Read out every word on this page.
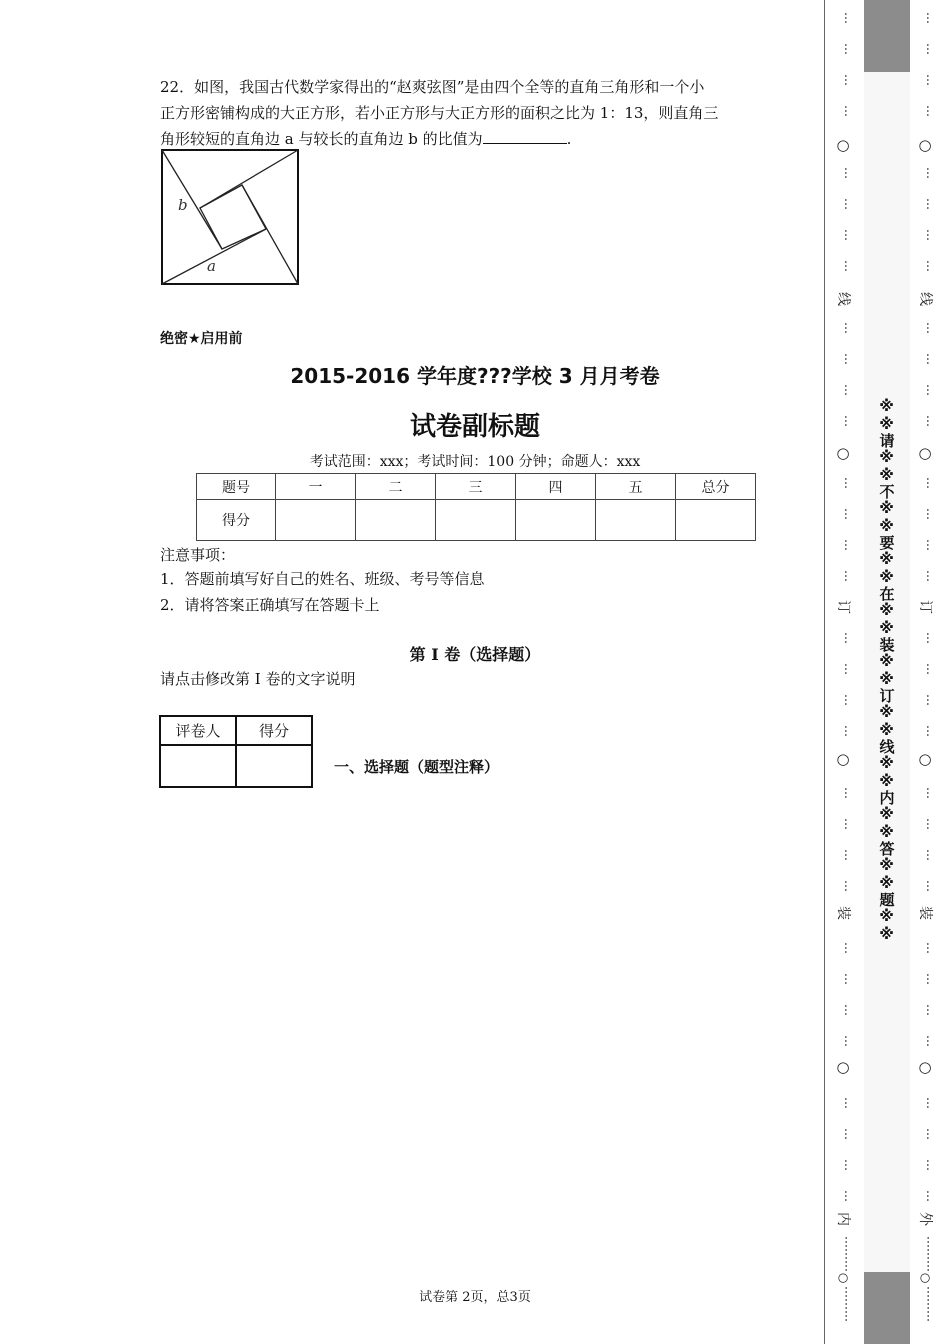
22．如图，我国古代数学家得出的“赵爽弦图”是由四个全等的直角三角形和一个小
正方形密铺构成的大正方形，若小正方形与大正方形的面积之比为 1：13，则直角三
角形较短的直角边 a 与较长的直角边 b 的比值为	.
b
a
绝密★启用前
2015-2016 学年度???学校 3 月月考卷
试卷副标题
考试范围：xxx；考试时间：100 分钟；命题人：xxx
题号	一	二	三	四	五	总分
得分						
注意事项：
1．答题前填写好自己的姓名、班级、考号等信息
2．请将答案正确填写在答题卡上
第 I 卷（选择题）
请点击修改第 I 卷的文字说明
评卷人	得分

一、选择题（题型注释）
试卷第 2页，总3页
※※请※※不※※要※※在※※装※※订※※线※※内※※答※※题※※
…
…
…
…
…
…
…
…
…
…
…
…
…
…
…
…
…
…
…
…
…
…
…
…
…
…
…
…
…
…
…
…
○
○
○
○
线
订
装
内
………○………
…
…
…
…
…
…
…
…
…
…
…
…
…
…
…
…
…
…
…
…
…
…
…
…
…
…
…
…
…
…
…
…
○
○
○
○
线
订
装
外
………○………
